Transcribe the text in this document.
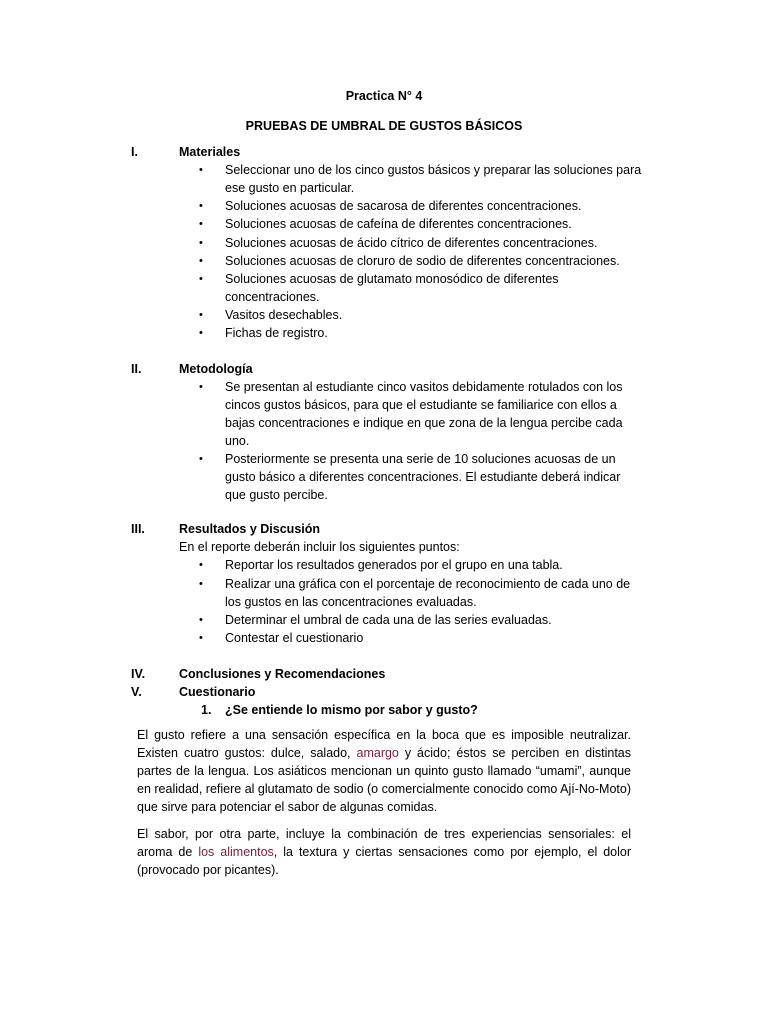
Practica N° 4
PRUEBAS DE UMBRAL DE GUSTOS BÁSICOS
I.	Materiales
• Seleccionar uno de los cinco gustos básicos y preparar las soluciones para
ese gusto en particular.
• Soluciones acuosas de sacarosa de diferentes concentraciones.
• Soluciones acuosas de cafeína de diferentes concentraciones.
• Soluciones acuosas de ácido cítrico de diferentes concentraciones.
• Soluciones acuosas de cloruro de sodio de diferentes concentraciones.
• Soluciones acuosas de glutamato monosódico de diferentes
concentraciones.
• Vasitos desechables.
• Fichas de registro.
II.	Metodología
• Se presentan al estudiante cinco vasitos debidamente rotulados con los
cincos gustos básicos, para que el estudiante se familiarice con ellos a
bajas concentraciones e indique en que zona de la lengua percibe cada
uno.
• Posteriormente se presenta una serie de 10 soluciones acuosas de un
gusto básico a diferentes concentraciones. El estudiante deberá indicar
que gusto percibe.
III.	Resultados y Discusión
En el reporte deberán incluir los siguientes puntos:
• Reportar los resultados generados por el grupo en una tabla.
• Realizar una gráfica con el porcentaje de reconocimiento de cada uno de
los gustos en las concentraciones evaluadas.
• Determinar el umbral de cada una de las series evaluadas.
• Contestar el cuestionario
IV.	Conclusiones y Recomendaciones
V.	Cuestionario
1. ¿Se entiende lo mismo por sabor y gusto?
El gusto refiere a una sensación específica en la boca que es imposible neutralizar. Existen cuatro gustos: dulce, salado, amargo y ácido; éstos se perciben en distintas partes de la lengua. Los asiáticos mencionan un quinto gusto llamado “umami”, aunque en realidad, refiere al glutamato de sodio (o comercialmente conocido como Ají-No-Moto) que sirve para potenciar el sabor de algunas comidas.
El sabor, por otra parte, incluye la combinación de tres experiencias sensoriales: el aroma de los alimentos, la textura y ciertas sensaciones como por ejemplo, el dolor (provocado por picantes).
